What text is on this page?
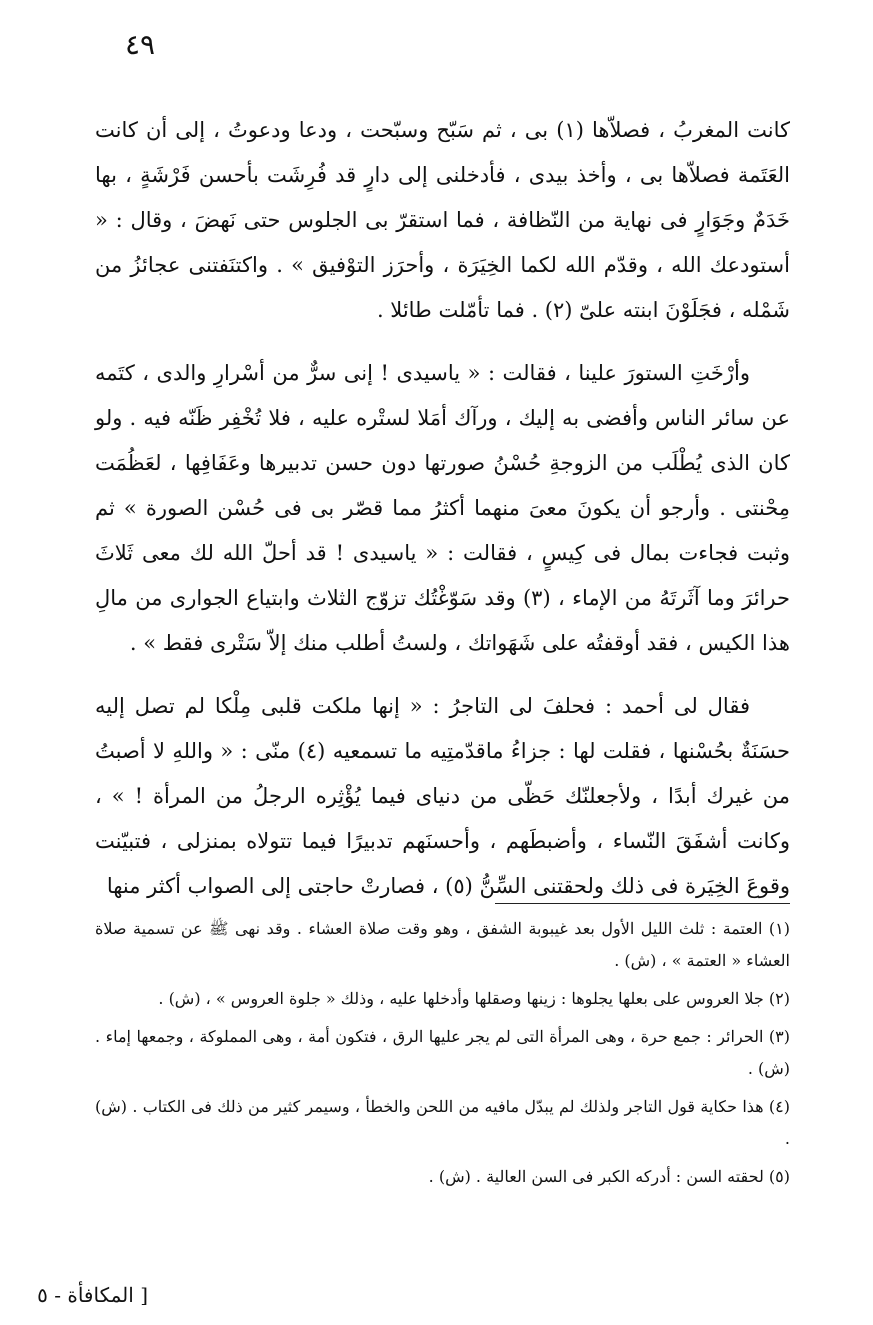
٤٩

كانت المغربُ ، فصلاّها (١) بى ، ثم سَبّح وسبّحت ، ودعا ودعوتُ ، إلى أن كانت العَتَمة فصلاّها بى ، وأخذ بيدى ، فأدخلنى إلى دارٍ قد فُرِشَت بأحسن فَرْشَةٍ ، بها خَدَمٌ وجَوَارٍ فى نهاية من النّظافة ، فما استقرّ بى الجلوس حتى نَهضَ ، وقال : « أستودعك الله ، وقدّم الله لكما الخِيَرَة ، وأحرَز التوْفيق » . واكتنَفتنى عجائزُ من شَمْله ، فجَلَوْنَ ابنته علىّ (٢) . فما تأمّلت طائلا .

وأرْخَتِ الستورَ علينا ، فقالت : « ياسيدى ! إنى سرٌّ من أسْرارِ والدى ، كتَمه عن سائر الناس وأفضى به إليك ، ورآك أمَلا لستْره عليه ، فلا تُخْفِر ظَنّه فيه . ولو كان الذى يُطْلَب من الزوجةِ حُسْنُ صورتها دون حسن تدبيرها وعَفَافِها ، لعَظُمَت مِحْنتى . وأرجو أن يكونَ معىَ منهما أكثرُ مما قصّر بى فى حُسْن الصورة » ثم وثبت فجاءت بمال فى كِيسٍ ، فقالت : « ياسيدى ! قد أحلّ الله لك معى ثَلاثَ حرائرَ وما آثَرتَهُ من الإماء ، (٣) وقد سَوّغْتُك تزوّج الثلاث وابتياع الجوارى من مالِ هذا الكيس ، فقد أوقفتُه على شَهَواتك ، ولستُ أطلب منك إلاّ سَتْرى فقط » .

فقال لى أحمد : فحلفَ لى التاجرُ : « إنها ملكت قلبى مِلْكا لم تصل إليه حسَنَةٌ بحُسْنها ، فقلت لها : جزاءُ ماقدّمتِيه ما تسمعيه (٤) منّى : « واللهِ لا أصبتُ من غيرك أبدًا ، ولأجعلنّك حَظّى من دنياى فيما يُؤْثِره الرجلُ من المرأة ! » ، وكانت أشفَقَ النّساء ، وأضبطَهم ، وأحسنَهم تدبيرًا فيما تتولاه بمنزلى ، فتبيّنت وقوعَ الخِيَرة فى ذلك ولحقتنى السِّنُّ (٥) ، فصارتْ حاجتى إلى الصواب أكثر منها

(١) العتمة : ثلث الليل الأول بعد غيبوبة الشفق ، وهو وقت صلاة العشاء . وقد نهى ﷺ عن تسمية صلاة العشاء « العتمة » ، (ش) .

(٢) جلا العروس على بعلها يجلوها : زينها وصقلها وأدخلها عليه ، وذلك « جلوة العروس » ، (ش) .

(٣) الحرائر : جمع حرة ، وهى المرأة التى لم يجر عليها الرق ، فتكون أمة ، وهى المملوكة ، وجمعها إماء . (ش) .

(٤) هذا حكاية قول التاجر ولذلك لم يبدّل مافيه من اللحن والخطأ ، وسيمر كثير من ذلك فى الكتاب . (ش) .

(٥) لحقته السن : أدركه الكبر فى السن العالية . (ش) .

[ المكافأة - ٥
